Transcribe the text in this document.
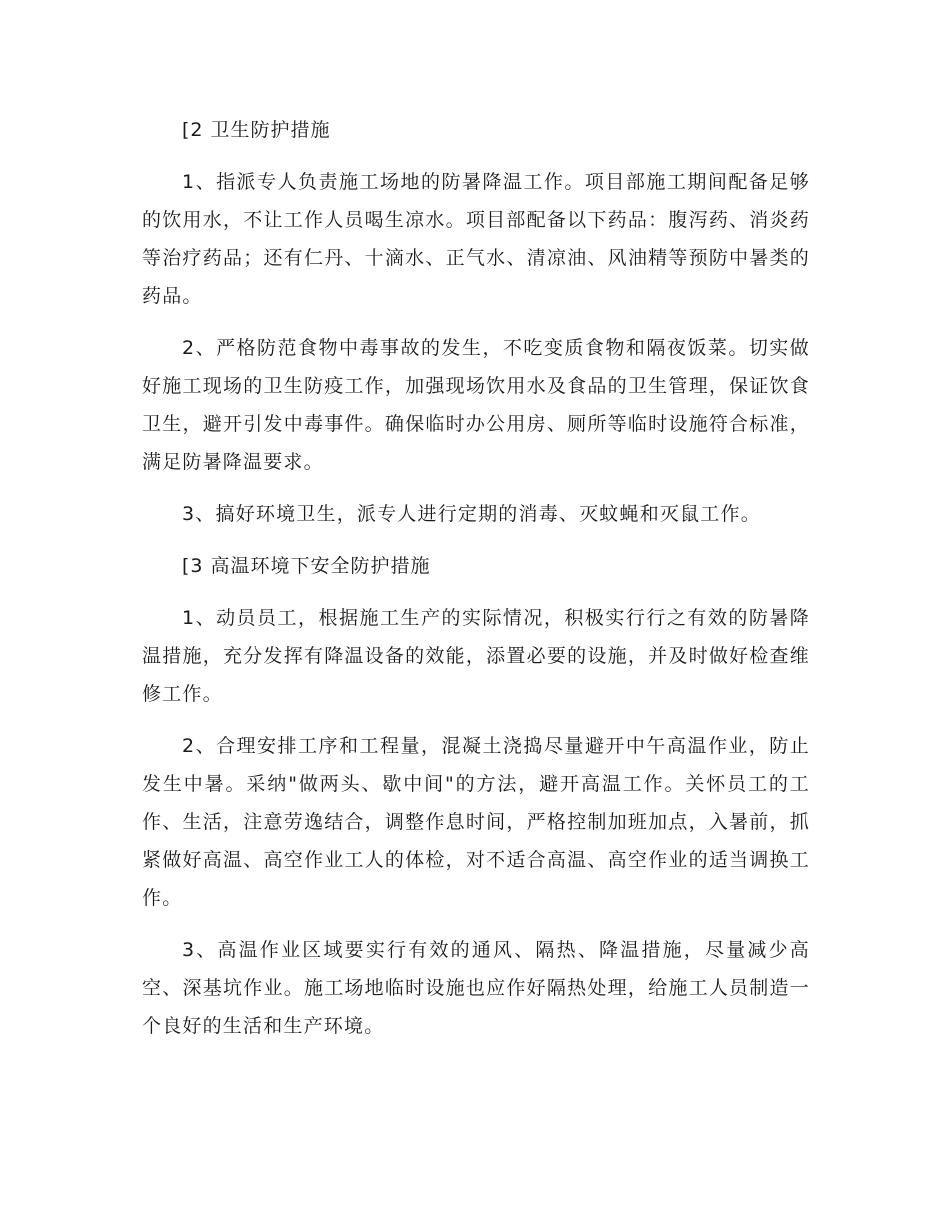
[2 卫生防护措施

1、指派专人负责施工场地的防暑降温工作。项目部施工期间配备足够的饮用水，不让工作人员喝生凉水。项目部配备以下药品：腹泻药、消炎药等治疗药品；还有仁丹、十滴水、正气水、清凉油、风油精等预防中暑类的药品。

2、严格防范食物中毒事故的发生，不吃变质食物和隔夜饭菜。切实做好施工现场的卫生防疫工作，加强现场饮用水及食品的卫生管理，保证饮食卫生，避开引发中毒事件。确保临时办公用房、厕所等临时设施符合标准，满足防暑降温要求。

3、搞好环境卫生，派专人进行定期的消毒、灭蚊蝇和灭鼠工作。

[3 高温环境下安全防护措施

1、动员员工，根据施工生产的实际情况，积极实行行之有效的防暑降温措施，充分发挥有降温设备的效能，添置必要的设施，并及时做好检查维修工作。

2、合理安排工序和工程量，混凝土浇捣尽量避开中午高温作业，防止发生中暑。采纳"做两头、歇中间"的方法，避开高温工作。关怀员工的工作、生活，注意劳逸结合，调整作息时间，严格控制加班加点，入暑前，抓紧做好高温、高空作业工人的体检，对不适合高温、高空作业的适当调换工作。

3、高温作业区域要实行有效的通风、隔热、降温措施，尽量减少高空、深基坑作业。施工场地临时设施也应作好隔热处理，给施工人员制造一个良好的生活和生产环境。
